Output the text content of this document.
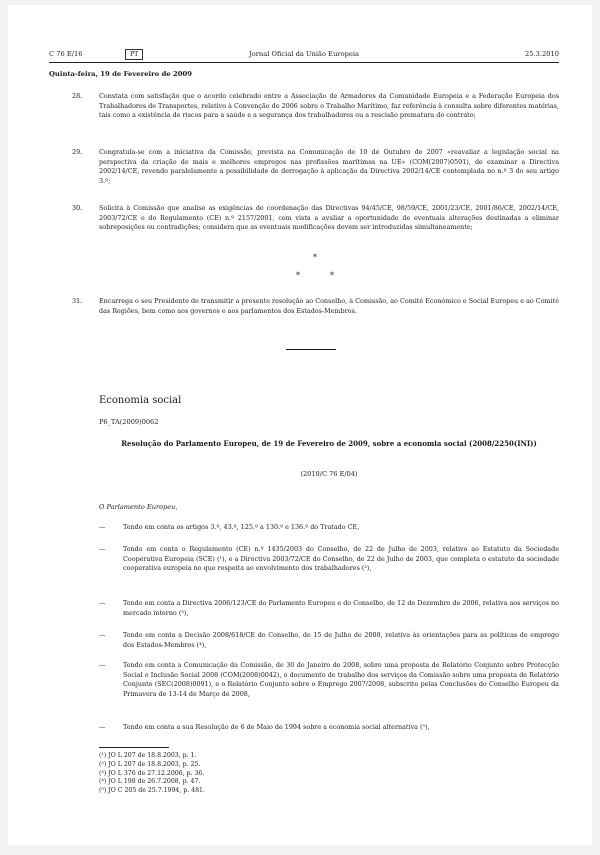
C 76 E/16	PT	Jornal Oficial da União Europeia	25.3.2010
Quinta-feira, 19 de Fevereiro de 2009
28.	Constata com satisfação que o acordo celebrado entre a Associação de Armadores da Comunidade Europeia e a Federação Europeia dos Trabalhadores de Transportes, relativo à Convenção de 2006 sobre o Trabalho Marítimo, faz referência à consulta sobre diferentes matérias, tais como a existência de riscos para a saúde e a segurança dos trabalhadores ou a rescisão prematura do contrato;
29.	Congratula-se com a iniciativa da Comissão, prevista na Comunicação de 10 de Outubro de 2007 «reavaliar a legislação social na perspectiva da criação de mais e melhores empregos nas profissões marítimas na UE» (COM(2007)0591), de examinar a Directiva 2002/14/CE, revendo paralelamente a possibilidade de derrogação à aplicação da Directiva 2002/14/CE contemplada no n.º 3 do seu artigo 3.º;
30.	Solicita à Comissão que analise as exigências de coordenação das Directivas 94/45/CE, 98/59/CE, 2001/23/CE, 2001/86/CE, 2002/14/CE, 2003/72/CE e do Regulamento (CE) n.º 2157/2001, com vista a avaliar a oportunidade de eventuais alterações destinadas a eliminar sobreposições ou contradições; considera que as eventuais modificações devem ser introduzidas simultaneamente;
*
*	*
31.	Encarrega o seu Presidente de transmitir a presente resolução ao Conselho, à Comissão, ao Comité Económico e Social Europeu e ao Comité das Regiões, bem como aos governos e aos parlamentos dos Estados-Membros.
Economia social
P6_TA(2009)0062
Resolução do Parlamento Europeu, de 19 de Fevereiro de 2009, sobre a economia social (2008/2250(INI))
(2010/C 76 E/04)
O Parlamento Europeu,
—	Tendo em conta os artigos 3.º, 43.º, 125.º a 130.º e 136.º do Tratado CE,
—	Tendo em conta o Regulamento (CE) n.º 1435/2003 do Conselho, de 22 de Julho de 2003, relativo ao Estatuto da Sociedade Cooperativa Europeia (SCE) (¹), e a Directiva 2003/72/CE do Conselho, de 22 de Julho de 2003, que completa o estatuto da sociedade cooperativa europeia no que respeita ao envolvimento dos trabalhadores (²),
—	Tendo em conta a Directiva 2006/123/CE do Parlamento Europeu e do Conselho, de 12 de Dezembro de 2006, relativa aos serviços no mercado interno (³),
—	Tendo em conta a Decisão 2008/618/CE do Conselho, de 15 de Julho de 2008, relativa às orientações para as políticas de emprego dos Estados-Membros (⁴),
—	Tendo em conta a Comunicação da Comissão, de 30 de Janeiro de 2008, sobre uma proposta de Relatório Conjunto sobre Protecção Social e Inclusão Social 2008 (COM(2008)0042), o documento de trabalho dos serviços da Comissão sobre uma proposta de Relatório Conjunto (SEC(2008)0091), e o Relatório Conjunto sobre o Emprego 2007/2008, subscrito pelas Conclusões do Conselho Europeu da Primavera de 13-14 de Março de 2008,
—	Tendo em conta a sua Resolução de 6 de Maio de 1994 sobre a economia social alternativa (⁵),
(¹) JO L 207 de 18.8.2003, p. 1.
(²) JO L 207 de 18.8.2003, p. 25.
(³) JO L 376 de 27.12.2006, p. 36.
(⁴) JO L 198 de 26.7.2008, p. 47.
(⁵) JO C 205 de 25.7.1994, p. 481.
